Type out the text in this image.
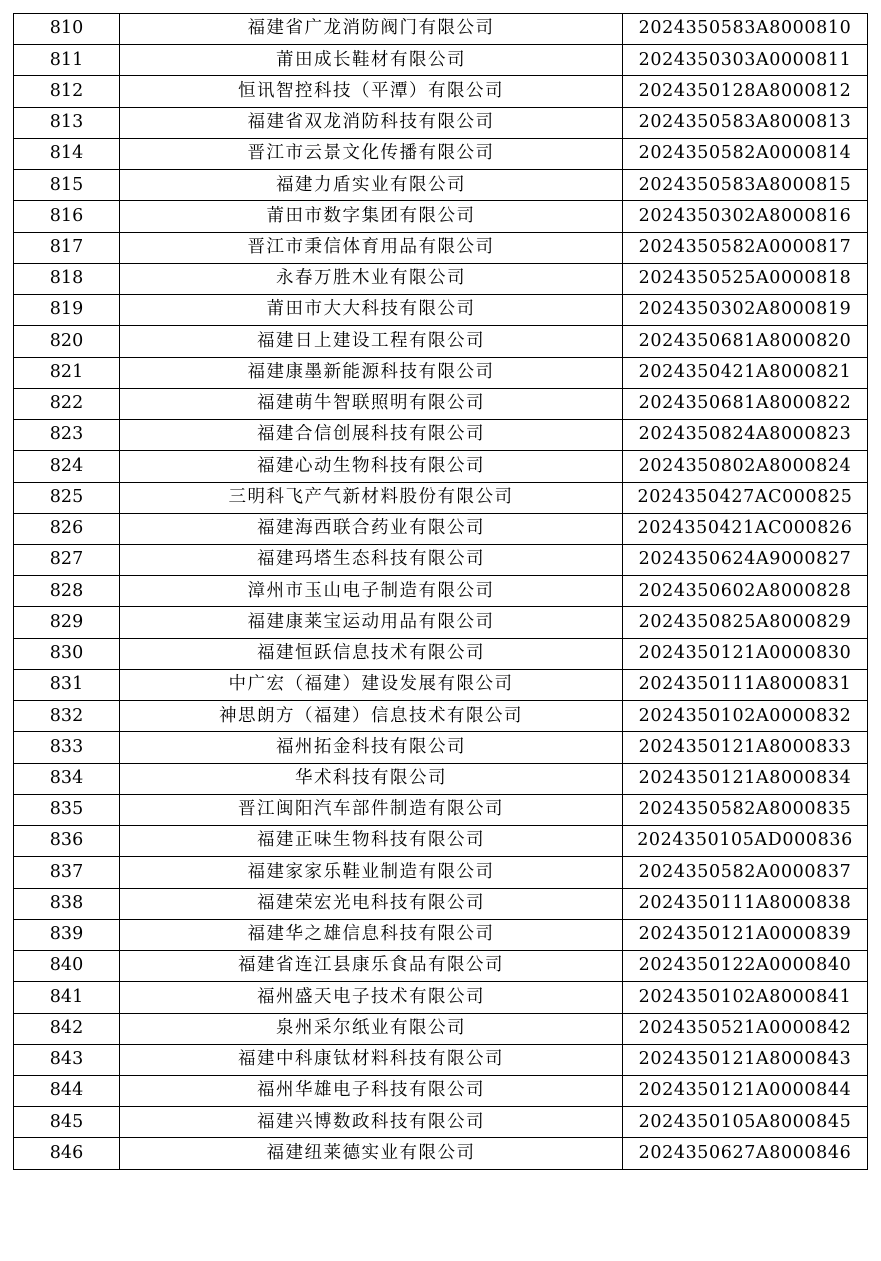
810	福建省广龙消防阀门有限公司	2024350583A8000810
811	莆田成长鞋材有限公司	2024350303A0000811
812	恒讯智控科技（平潭）有限公司	2024350128A8000812
813	福建省双龙消防科技有限公司	2024350583A8000813
814	晋江市云景文化传播有限公司	2024350582A0000814
815	福建力盾实业有限公司	2024350583A8000815
816	莆田市数字集团有限公司	2024350302A8000816
817	晋江市秉信体育用品有限公司	2024350582A0000817
818	永春万胜木业有限公司	2024350525A0000818
819	莆田市大大科技有限公司	2024350302A8000819
820	福建日上建设工程有限公司	2024350681A8000820
821	福建康墨新能源科技有限公司	2024350421A8000821
822	福建萌牛智联照明有限公司	2024350681A8000822
823	福建合信创展科技有限公司	2024350824A8000823
824	福建心动生物科技有限公司	2024350802A8000824
825	三明科飞产气新材料股份有限公司	2024350427AC000825
826	福建海西联合药业有限公司	2024350421AC000826
827	福建玛塔生态科技有限公司	2024350624A9000827
828	漳州市玉山电子制造有限公司	2024350602A8000828
829	福建康莱宝运动用品有限公司	2024350825A8000829
830	福建恒跃信息技术有限公司	2024350121A0000830
831	中广宏（福建）建设发展有限公司	2024350111A8000831
832	神思朗方（福建）信息技术有限公司	2024350102A0000832
833	福州拓金科技有限公司	2024350121A8000833
834	华术科技有限公司	2024350121A8000834
835	晋江闽阳汽车部件制造有限公司	2024350582A8000835
836	福建正味生物科技有限公司	2024350105AD000836
837	福建家家乐鞋业制造有限公司	2024350582A0000837
838	福建荣宏光电科技有限公司	2024350111A8000838
839	福建华之雄信息科技有限公司	2024350121A0000839
840	福建省连江县康乐食品有限公司	2024350122A0000840
841	福州盛天电子技术有限公司	2024350102A8000841
842	泉州采尔纸业有限公司	2024350521A0000842
843	福建中科康钛材料科技有限公司	2024350121A8000843
844	福州华雄电子科技有限公司	2024350121A0000844
845	福建兴博数政科技有限公司	2024350105A8000845
846	福建纽莱德实业有限公司	2024350627A8000846
